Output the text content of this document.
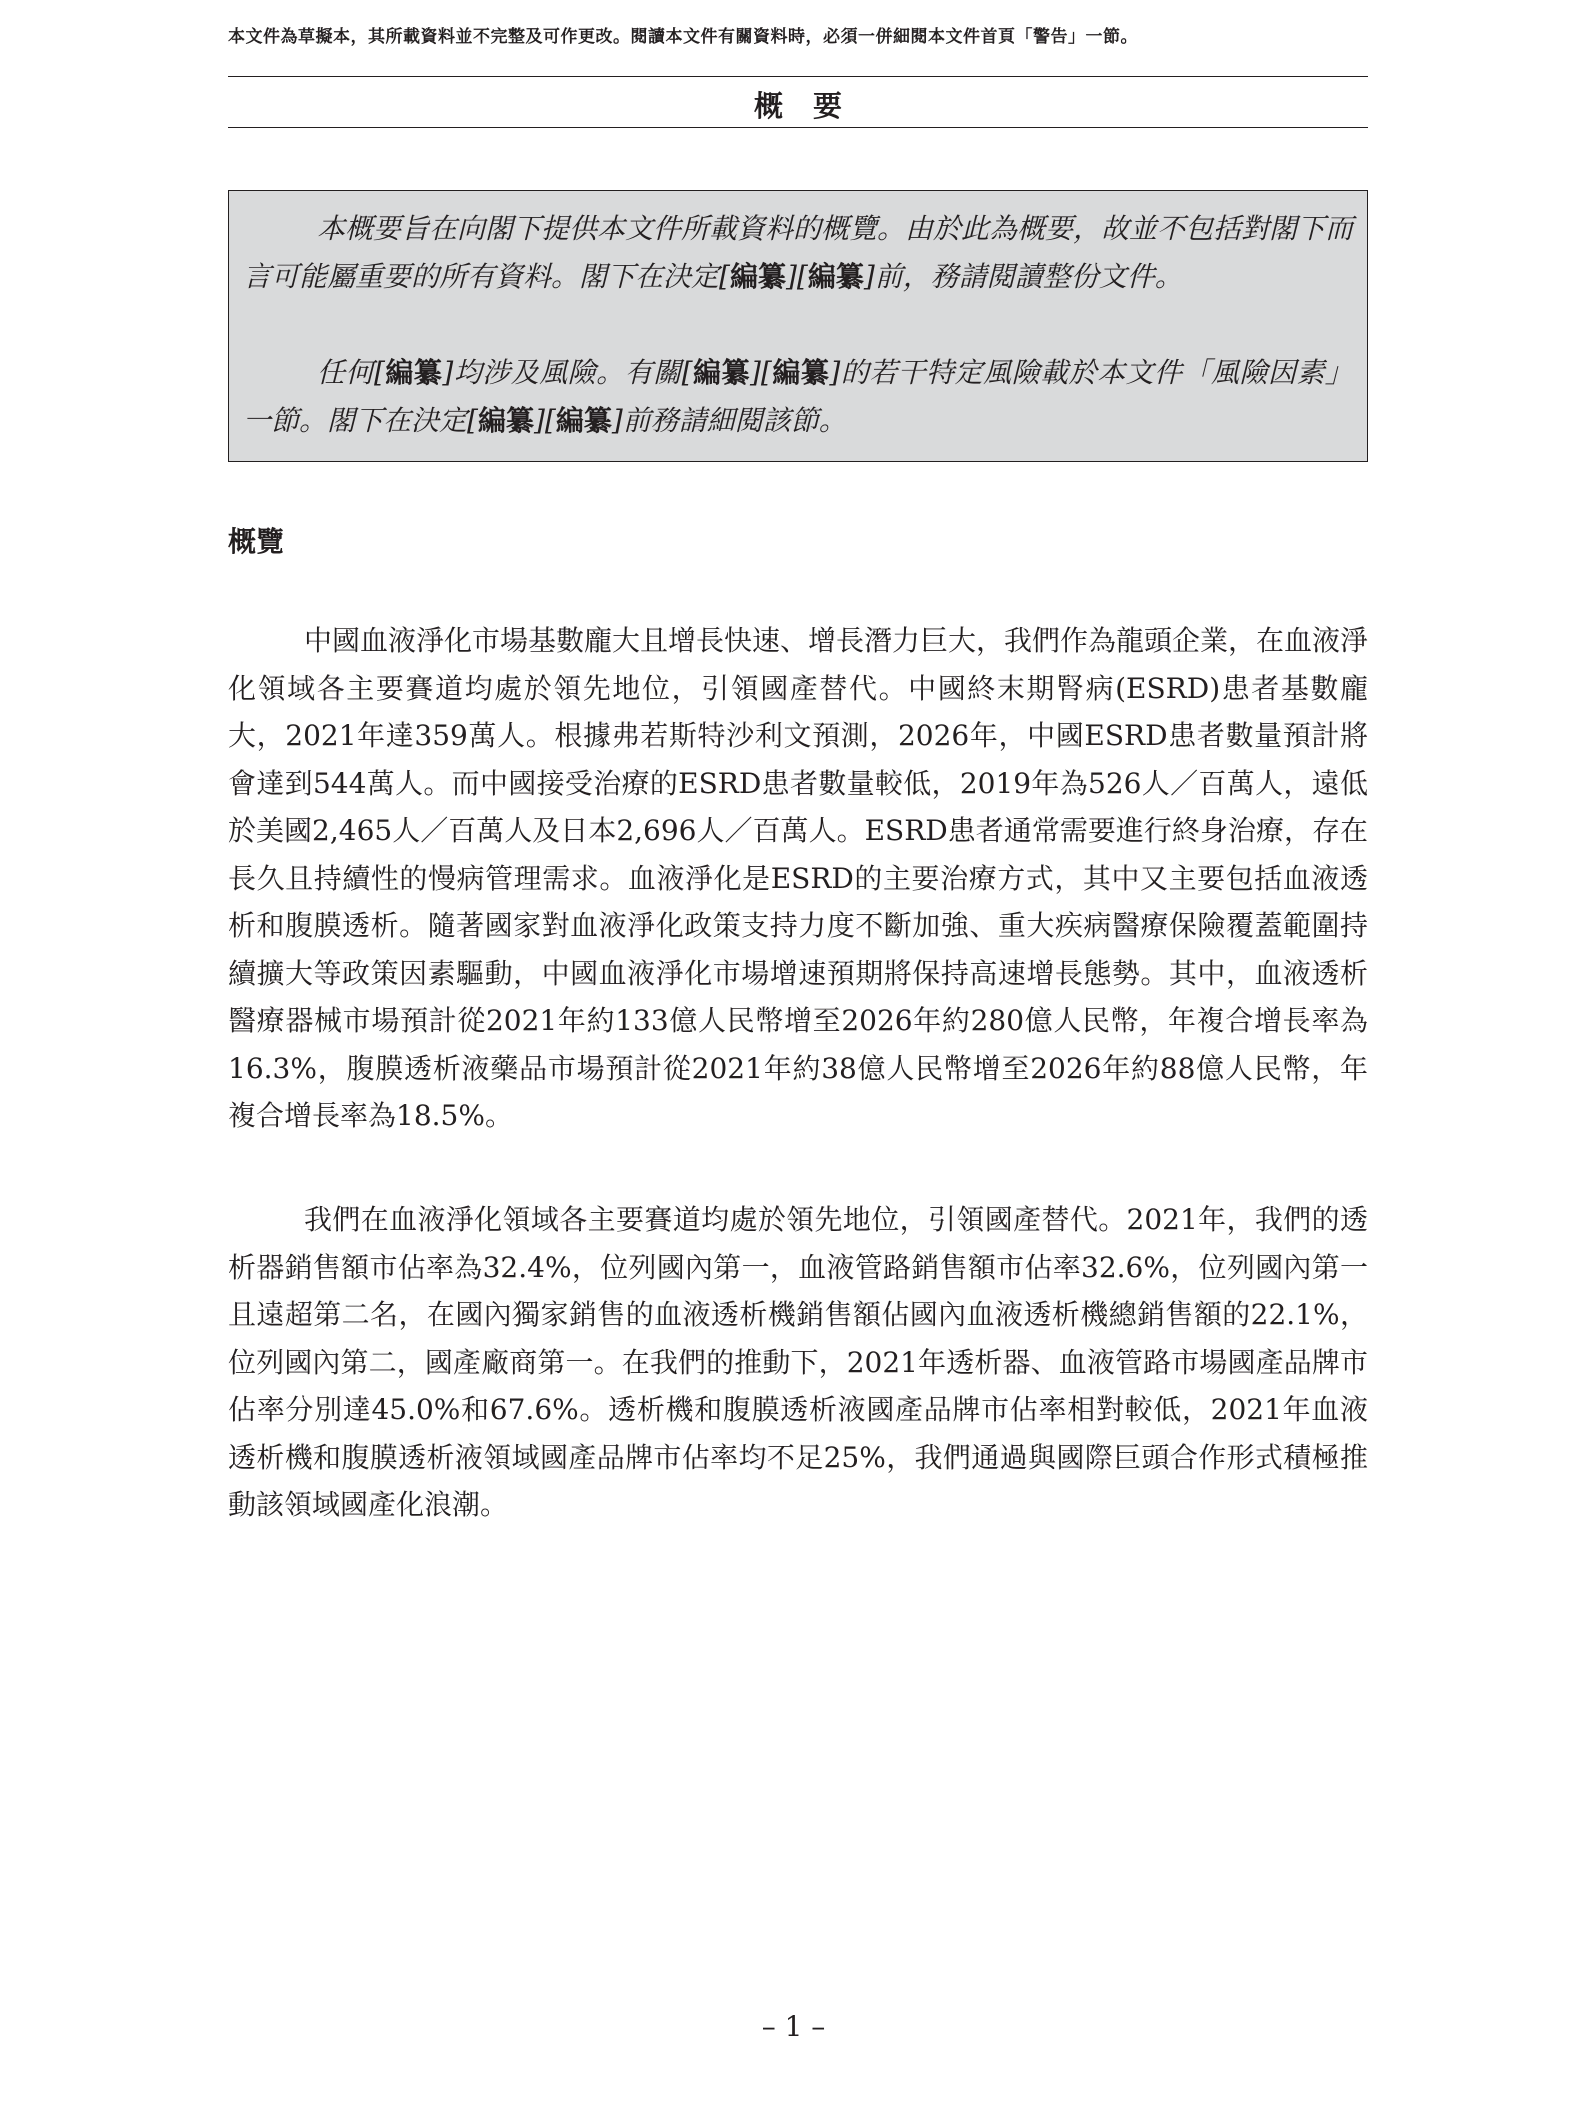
本文件為草擬本，其所載資料並不完整及可作更改。閱讀本文件有關資料時，必須一併細閱本文件首頁「警告」一節。
概要

本概要旨在向閣下提供本文件所載資料的概覽。由於此為概要，故並不包括對閣下而言可能屬重要的所有資料。閣下在決定[編纂][編纂]前，務請閱讀整份文件。

任何[編纂]均涉及風險。有關[編纂][編纂]的若干特定風險載於本文件「風險因素」一節。閣下在決定[編纂][編纂]前務請細閱該節。

概覽

中國血液淨化市場基數龐大且增長快速、增長潛力巨大，我們作為龍頭企業，在血液淨化領域各主要賽道均處於領先地位，引領國產替代。中國終末期腎病(ESRD)患者基數龐大，2021年達359萬人。根據弗若斯特沙利文預測，2026年，中國ESRD患者數量預計將會達到544萬人。而中國接受治療的ESRD患者數量較低，2019年為526人／百萬人，遠低於美國2,465人／百萬人及日本2,696人／百萬人。ESRD患者通常需要進行終身治療，存在長久且持續性的慢病管理需求。血液淨化是ESRD的主要治療方式，其中又主要包括血液透析和腹膜透析。隨著國家對血液淨化政策支持力度不斷加強、重大疾病醫療保險覆蓋範圍持續擴大等政策因素驅動，中國血液淨化市場增速預期將保持高速增長態勢。其中，血液透析醫療器械市場預計從2021年約133億人民幣增至2026年約280億人民幣，年複合增長率為16.3%，腹膜透析液藥品市場預計從2021年約38億人民幣增至2026年約88億人民幣，年複合增長率為18.5%。

我們在血液淨化領域各主要賽道均處於領先地位，引領國產替代。2021年，我們的透析器銷售額市佔率為32.4%，位列國內第一，血液管路銷售額市佔率32.6%，位列國內第一且遠超第二名，在國內獨家銷售的血液透析機銷售額佔國內血液透析機總銷售額的22.1%，位列國內第二，國產廠商第一。在我們的推動下，2021年透析器、血液管路市場國產品牌市佔率分別達45.0%和67.6%。透析機和腹膜透析液國產品牌市佔率相對較低，2021年血液透析機和腹膜透析液領域國產品牌市佔率均不足25%，我們通過與國際巨頭合作形式積極推動該領域國產化浪潮。

– 1 –
